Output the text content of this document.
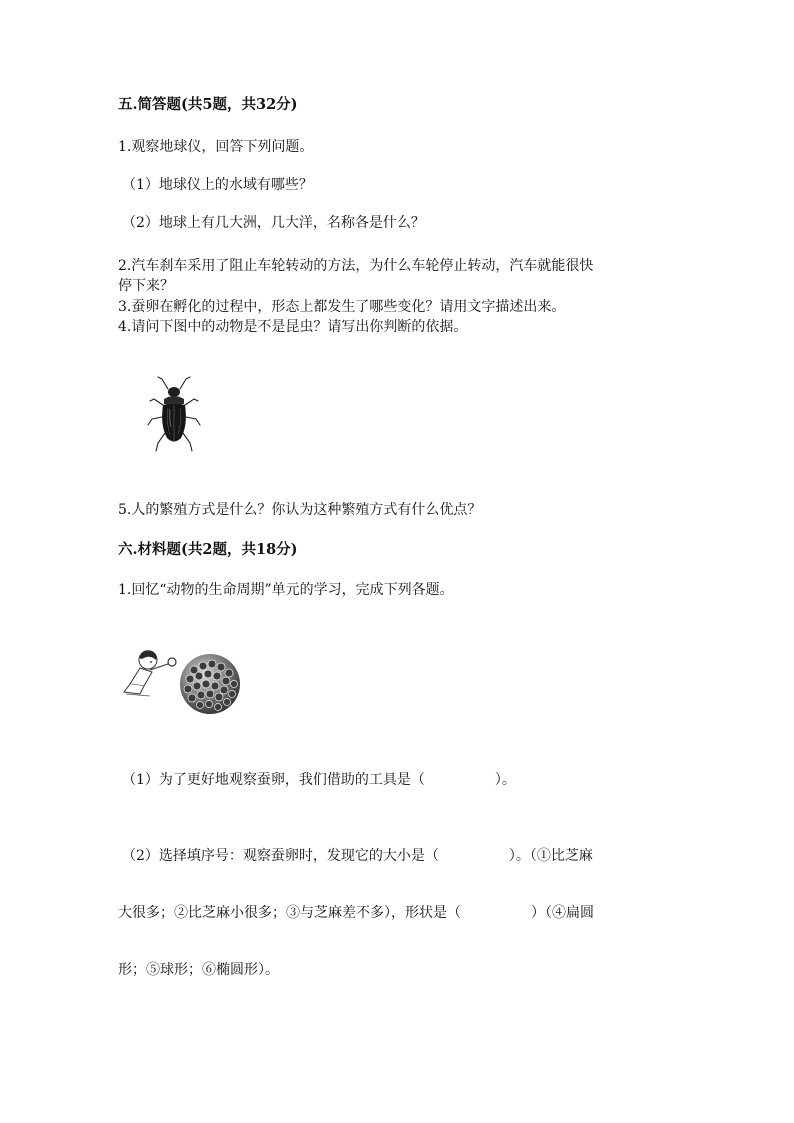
五.简答题(共5题，共32分)
1.观察地球仪，回答下列问题。
（1）地球仪上的水域有哪些？
（2）地球上有几大洲，几大洋，名称各是什么？
2.汽车刹车采用了阻止车轮转动的方法，为什么车轮停止转动，汽车就能很快
停下来？
3.蚕卵在孵化的过程中，形态上都发生了哪些变化？请用文字描述出来。
4.请问下图中的动物是不是昆虫？请写出你判断的依据。
5.人的繁殖方式是什么？你认为这种繁殖方式有什么优点？
六.材料题(共2题，共18分)
1.回忆“动物的生命周期”单元的学习，完成下列各题。
（1）为了更好地观察蚕卵，我们借助的工具是（　　　　　）。
（2）选择填序号：观察蚕卵时，发现它的大小是（　　　　　）。（①比芝麻
大很多；②比芝麻小很多；③与芝麻差不多），形状是（　　　　　）（④扁圆
形；⑤球形；⑥椭圆形）。
